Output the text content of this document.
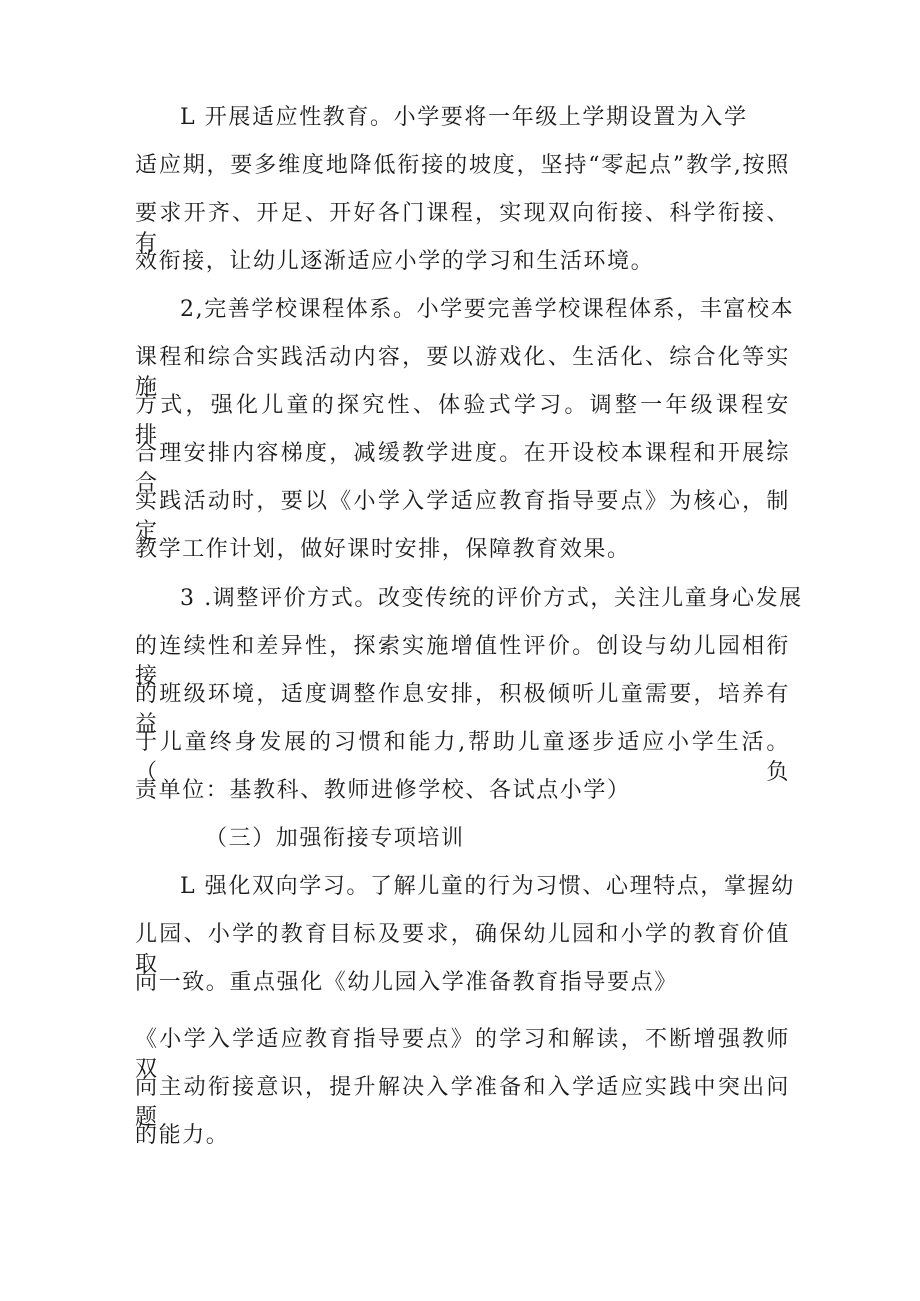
L 开展适应性教育。小学要将一年级上学期设置为入学
适应期，要多维度地降低衔接的坡度，坚持“零起点”教学,按照
要求开齐、开足、开好各门课程，实现双向衔接、科学衔接、有
效衔接，让幼儿逐渐适应小学的学习和生活环境。
2,完善学校课程体系。小学要完善学校课程体系，丰富校本
课程和综合实践活动内容，要以游戏化、生活化、综合化等实施
方式，强化儿童的探究性、体验式学习。调整一年级课程安排，
合理安排内容梯度，减缓教学进度。在开设校本课程和开展综合
实践活动时，要以《小学入学适应教育指导要点》为核心，制定
教学工作计划，做好课时安排，保障教育效果。
3 .调整评价方式。改变传统的评价方式，关注儿童身心发展
的连续性和差异性，探索实施增值性评价。创设与幼儿园相衔接
的班级环境，适度调整作息安排，积极倾听儿童需要，培养有益
于儿童终身发展的习惯和能力,帮助儿童逐步适应小学生活。（负
责单位：基教科、教师进修学校、各试点小学）
（三）加强衔接专项培训
L 强化双向学习。了解儿童的行为习惯、心理特点，掌握幼
儿园、小学的教育目标及要求，确保幼儿园和小学的教育价值取
向一致。重点强化《幼儿园入学准备教育指导要点》
《小学入学适应教育指导要点》的学习和解读，不断增强教师双
向主动衔接意识，提升解决入学准备和入学适应实践中突出问题
的能力。
